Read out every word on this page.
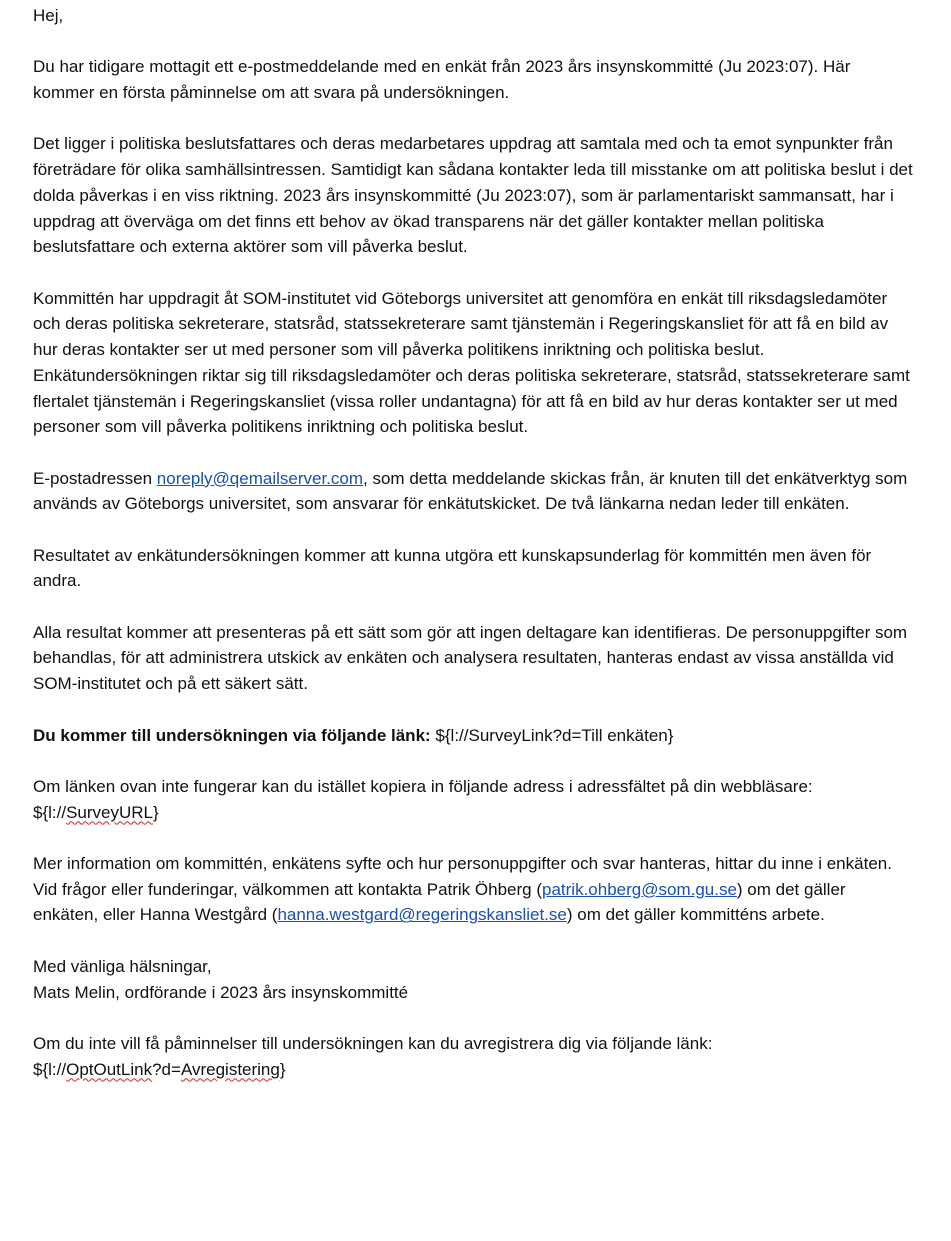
Hej,

Du har tidigare mottagit ett e-postmeddelande med en enkät från 2023 års insynskommitté (Ju 2023:07). Här kommer en första påminnelse om att svara på undersökningen.

Det ligger i politiska beslutsfattares och deras medarbetares uppdrag att samtala med och ta emot synpunkter från företrädare för olika samhällsintressen. Samtidigt kan sådana kontakter leda till misstanke om att politiska beslut i det dolda påverkas i en viss riktning. 2023 års insynskommitté (Ju 2023:07), som är parlamentariskt sammansatt, har i uppdrag att överväga om det finns ett behov av ökad transparens när det gäller kontakter mellan politiska beslutsfattare och externa aktörer som vill påverka beslut.

Kommittén har uppdragit åt SOM-institutet vid Göteborgs universitet att genomföra en enkät till riksdagsledamöter och deras politiska sekreterare, statsråd, statssekreterare samt tjänstemän i Regeringskansliet för att få en bild av hur deras kontakter ser ut med personer som vill påverka politikens inriktning och politiska beslut. Enkätundersökningen riktar sig till riksdagsledamöter och deras politiska sekreterare, statsråd, statssekreterare samt flertalet tjänstemän i Regeringskansliet (vissa roller undantagna) för att få en bild av hur deras kontakter ser ut med personer som vill påverka politikens inriktning och politiska beslut.

E-postadressen noreply@qemailserver.com, som detta meddelande skickas från, är knuten till det enkätverktyg som används av Göteborgs universitet, som ansvarar för enkätutskicket. De två länkarna nedan leder till enkäten.

Resultatet av enkätundersökningen kommer att kunna utgöra ett kunskapsunderlag för kommittén men även för andra.

Alla resultat kommer att presenteras på ett sätt som gör att ingen deltagare kan identifieras. De personuppgifter som behandlas, för att administrera utskick av enkäten och analysera resultaten, hanteras endast av vissa anställda vid SOM-institutet och på ett säkert sätt.

Du kommer till undersökningen via följande länk: ${l://SurveyLink?d=Till enkäten}

Om länken ovan inte fungerar kan du istället kopiera in följande adress i adressfältet på din webbläsare:
${l://SurveyURL}

Mer information om kommittén, enkätens syfte och hur personuppgifter och svar hanteras, hittar du inne i enkäten. Vid frågor eller funderingar, välkommen att kontakta Patrik Öhberg (patrik.ohberg@som.gu.se) om det gäller enkäten, eller Hanna Westgård (hanna.westgard@regeringskansliet.se) om det gäller kommitténs arbete.

Med vänliga hälsningar,
Mats Melin, ordförande i 2023 års insynskommitté

Om du inte vill få påminnelser till undersökningen kan du avregistrera dig via följande länk:
${l://OptOutLink?d=Avregistering}
